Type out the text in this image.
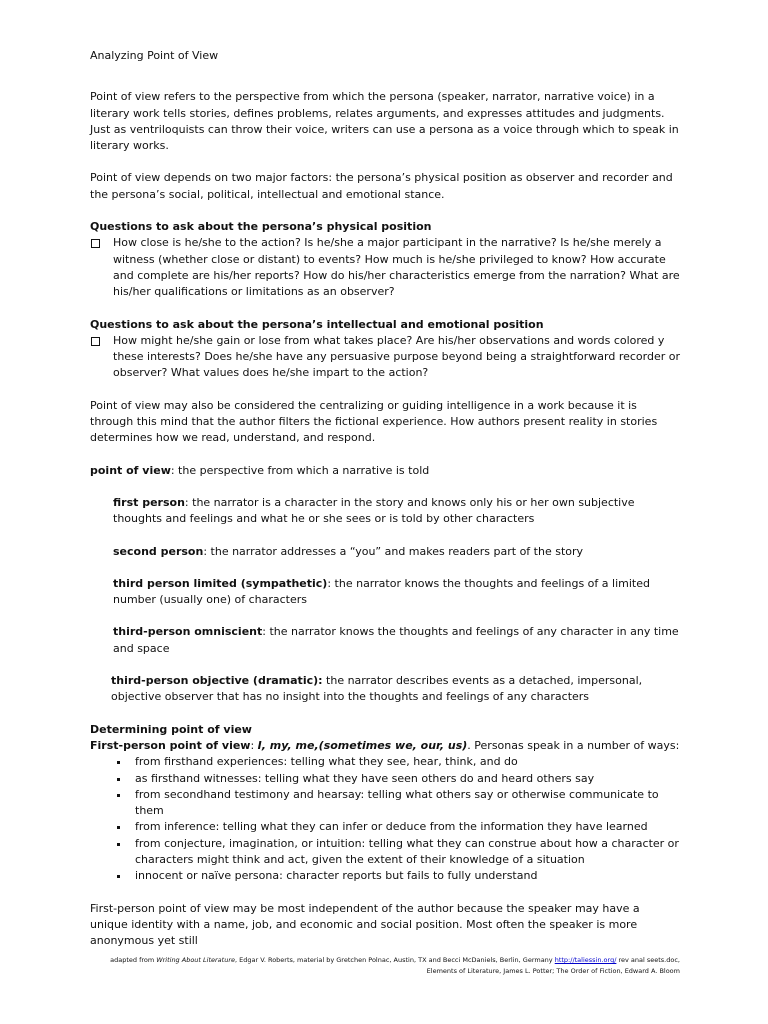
Analyzing Point of View

Point of view refers to the perspective from which the persona (speaker, narrator, narrative voice) in a literary work tells stories, defines problems, relates arguments, and expresses attitudes and judgments. Just as ventriloquists can throw their voice, writers can use a persona as a voice through which to speak in literary works.

Point of view depends on two major factors: the persona’s physical position as observer and recorder and the persona’s social, political, intellectual and emotional stance.

Questions to ask about the persona’s physical position

How close is he/she to the action? Is he/she a major participant in the narrative? Is he/she merely a witness (whether close or distant) to events? How much is he/she privileged to know? How accurate and complete are his/her reports? How do his/her characteristics emerge from the narration? What are his/her qualifications or limitations as an observer?

Questions to ask about the persona’s intellectual and emotional position

How might he/she gain or lose from what takes place? Are his/her observations and words colored y these interests? Does he/she have any persuasive purpose beyond being a straightforward recorder or observer? What values does he/she impart to the action?

Point of view may also be considered the centralizing or guiding intelligence in a work because it is through this mind that the author filters the fictional experience. How authors present reality in stories determines how we read, understand, and respond.

point of view: the perspective from which a narrative is told

first person: the narrator is a character in the story and knows only his or her own subjective thoughts and feelings and what he or she sees or is told by other characters

second person: the narrator addresses a “you” and makes readers part of the story

third person limited (sympathetic): the narrator knows the thoughts and feelings of a limited number (usually one) of characters

third-person omniscient: the narrator knows the thoughts and feelings of any character in any time and space

third-person objective (dramatic): the narrator describes events as a detached, impersonal, objective observer that has no insight into the thoughts and feelings of any characters

Determining point of view

First-person point of view: I, my, me,(sometimes we, our, us). Personas speak in a number of ways:

from firsthand experiences: telling what they see, hear, think, and do
as firsthand witnesses: telling what they have seen others do and heard others say
from secondhand testimony and hearsay: telling what others say or otherwise communicate to them
from inference: telling what they can infer or deduce from the information they have learned
from conjecture, imagination, or intuition: telling what they can construe about how a character or characters might think and act, given the extent of their knowledge of a situation
innocent or naïve persona: character reports but fails to fully understand

First-person point of view may be most independent of the author because the speaker may have a unique identity with a name, job, and economic and social position. Most often the speaker is more anonymous yet still

adapted from Writing About Literature, Edgar V. Roberts, material by Gretchen Polnac, Austin, TX and Becci McDaniels, Berlin, Germany http://taliessin.org/ rev anal seets.doc, Elements of Literature, James L. Potter; The Order of Fiction, Edward A. Bloom
